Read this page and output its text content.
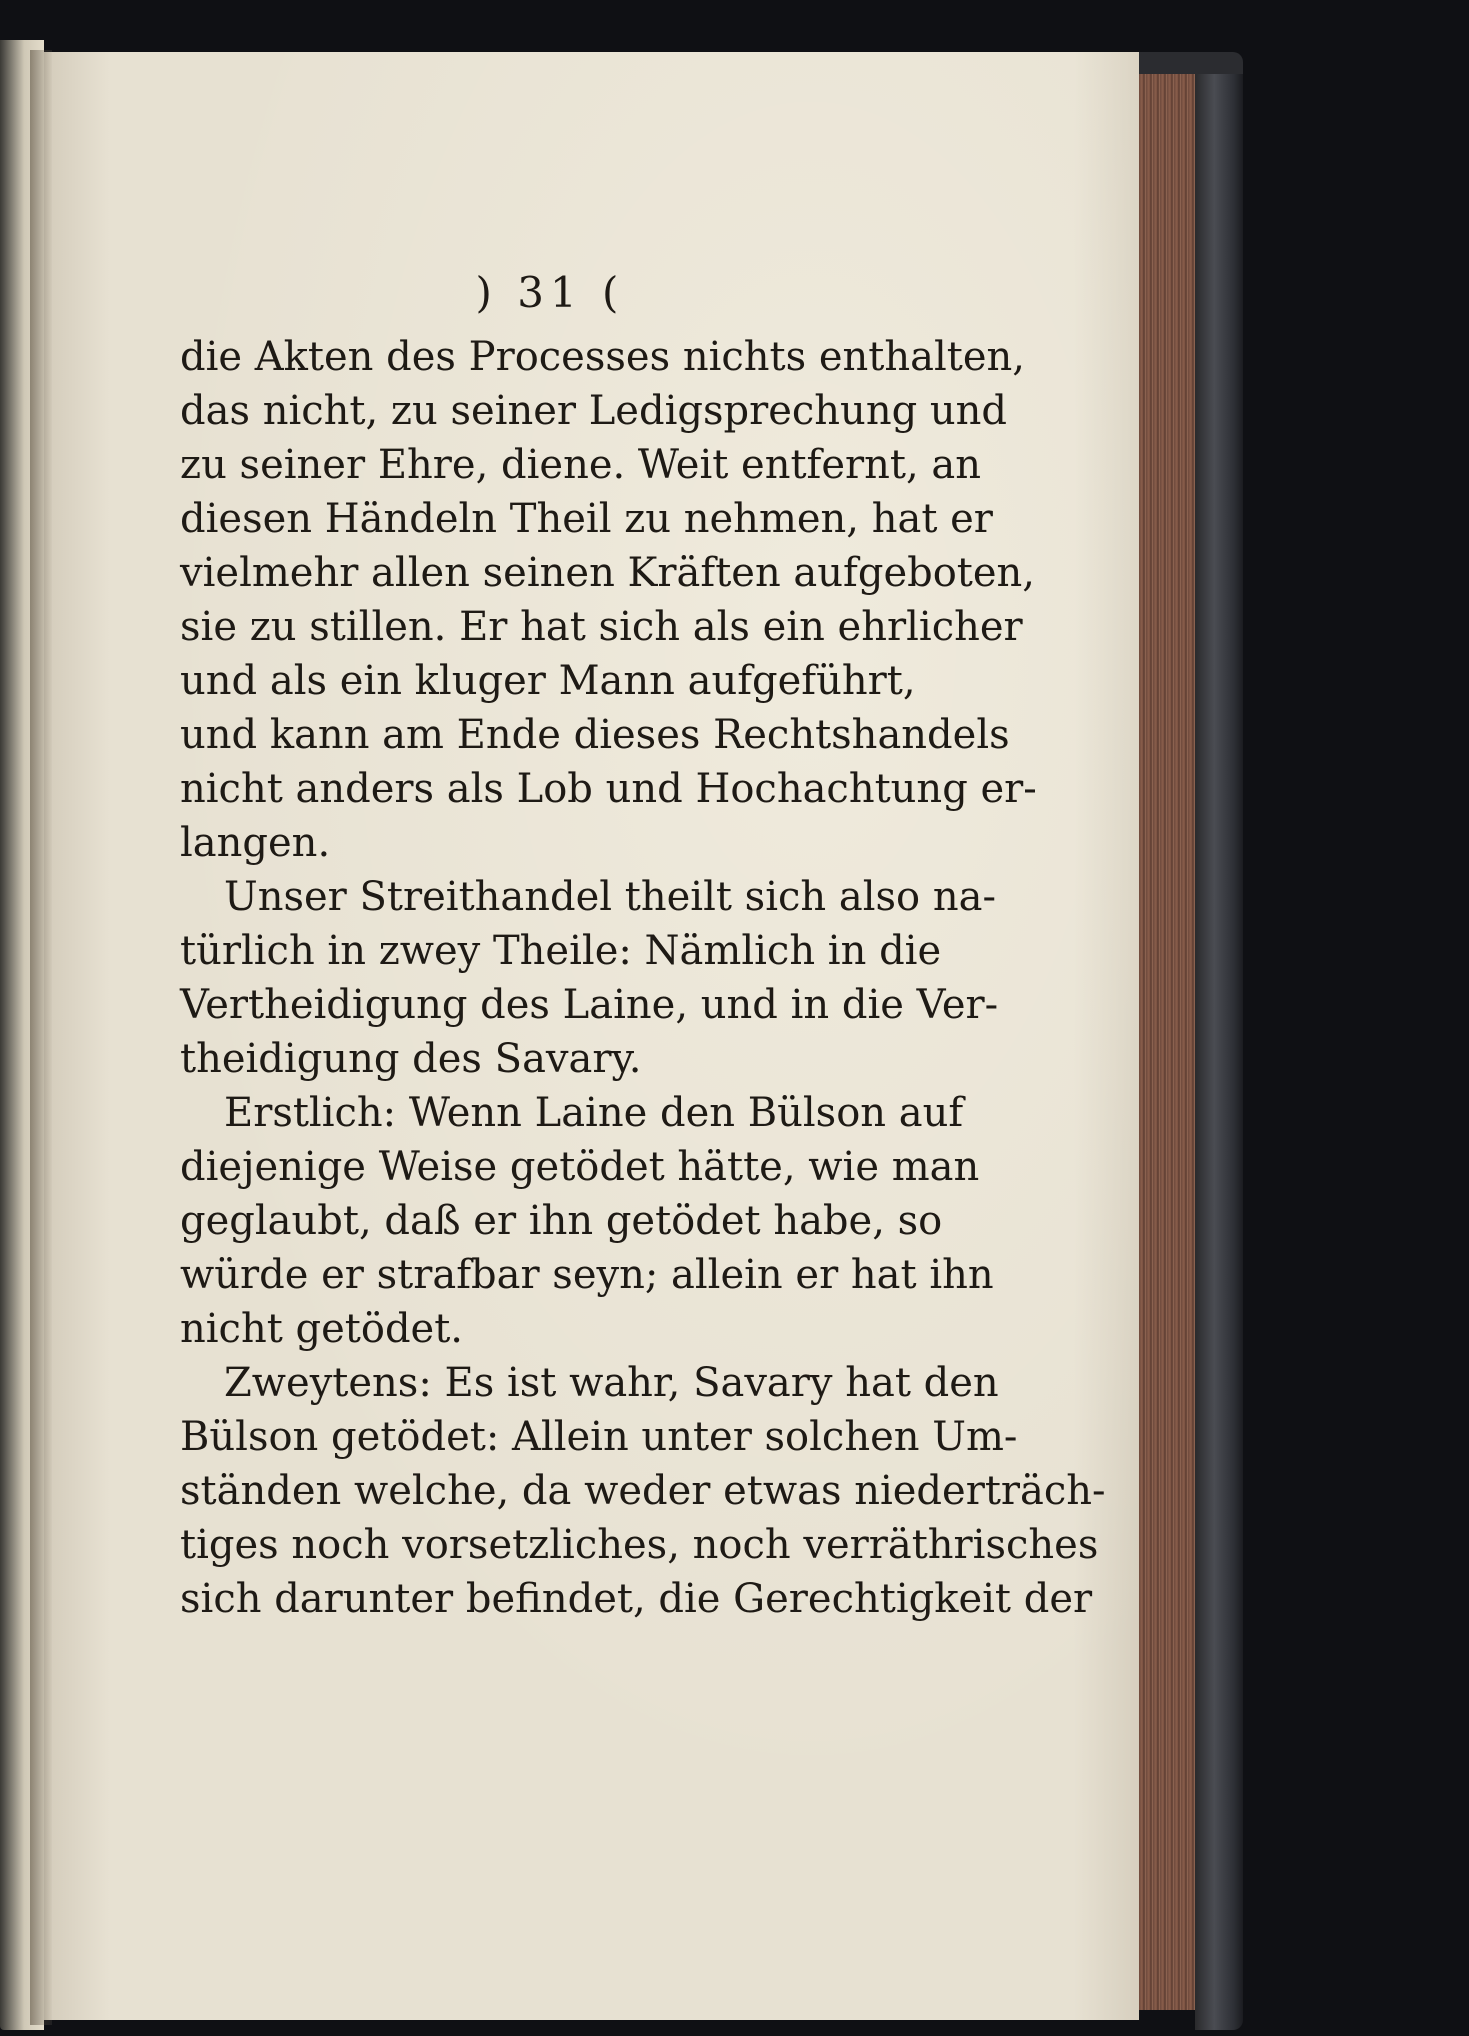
) 31 (
die Akten des Processes nichts enthalten,
das nicht, zu seiner Ledigsprechung und
zu seiner Ehre, diene. Weit entfernt, an
diesen Händeln Theil zu nehmen, hat er
vielmehr allen seinen Kräften aufgeboten,
sie zu stillen. Er hat sich als ein ehrlicher
und als ein kluger Mann aufgeführt,
und kann am Ende dieses Rechtshandels
nicht anders als Lob und Hochachtung er-
langen.
Unser Streithandel theilt sich also na-
türlich in zwey Theile: Nämlich in die
Vertheidigung des Laine, und in die Ver-
theidigung des Savary.
Erstlich: Wenn Laine den Bülson auf
diejenige Weise getödet hätte, wie man
geglaubt, daß er ihn getödet habe, so
würde er strafbar seyn; allein er hat ihn
nicht getödet.
Zweytens: Es ist wahr, Savary hat den
Bülson getödet: Allein unter solchen Um-
ständen welche, da weder etwas niederträch-
tiges noch vorsetzliches, noch verräthrisches
sich darunter befindet, die Gerechtigkeit der
